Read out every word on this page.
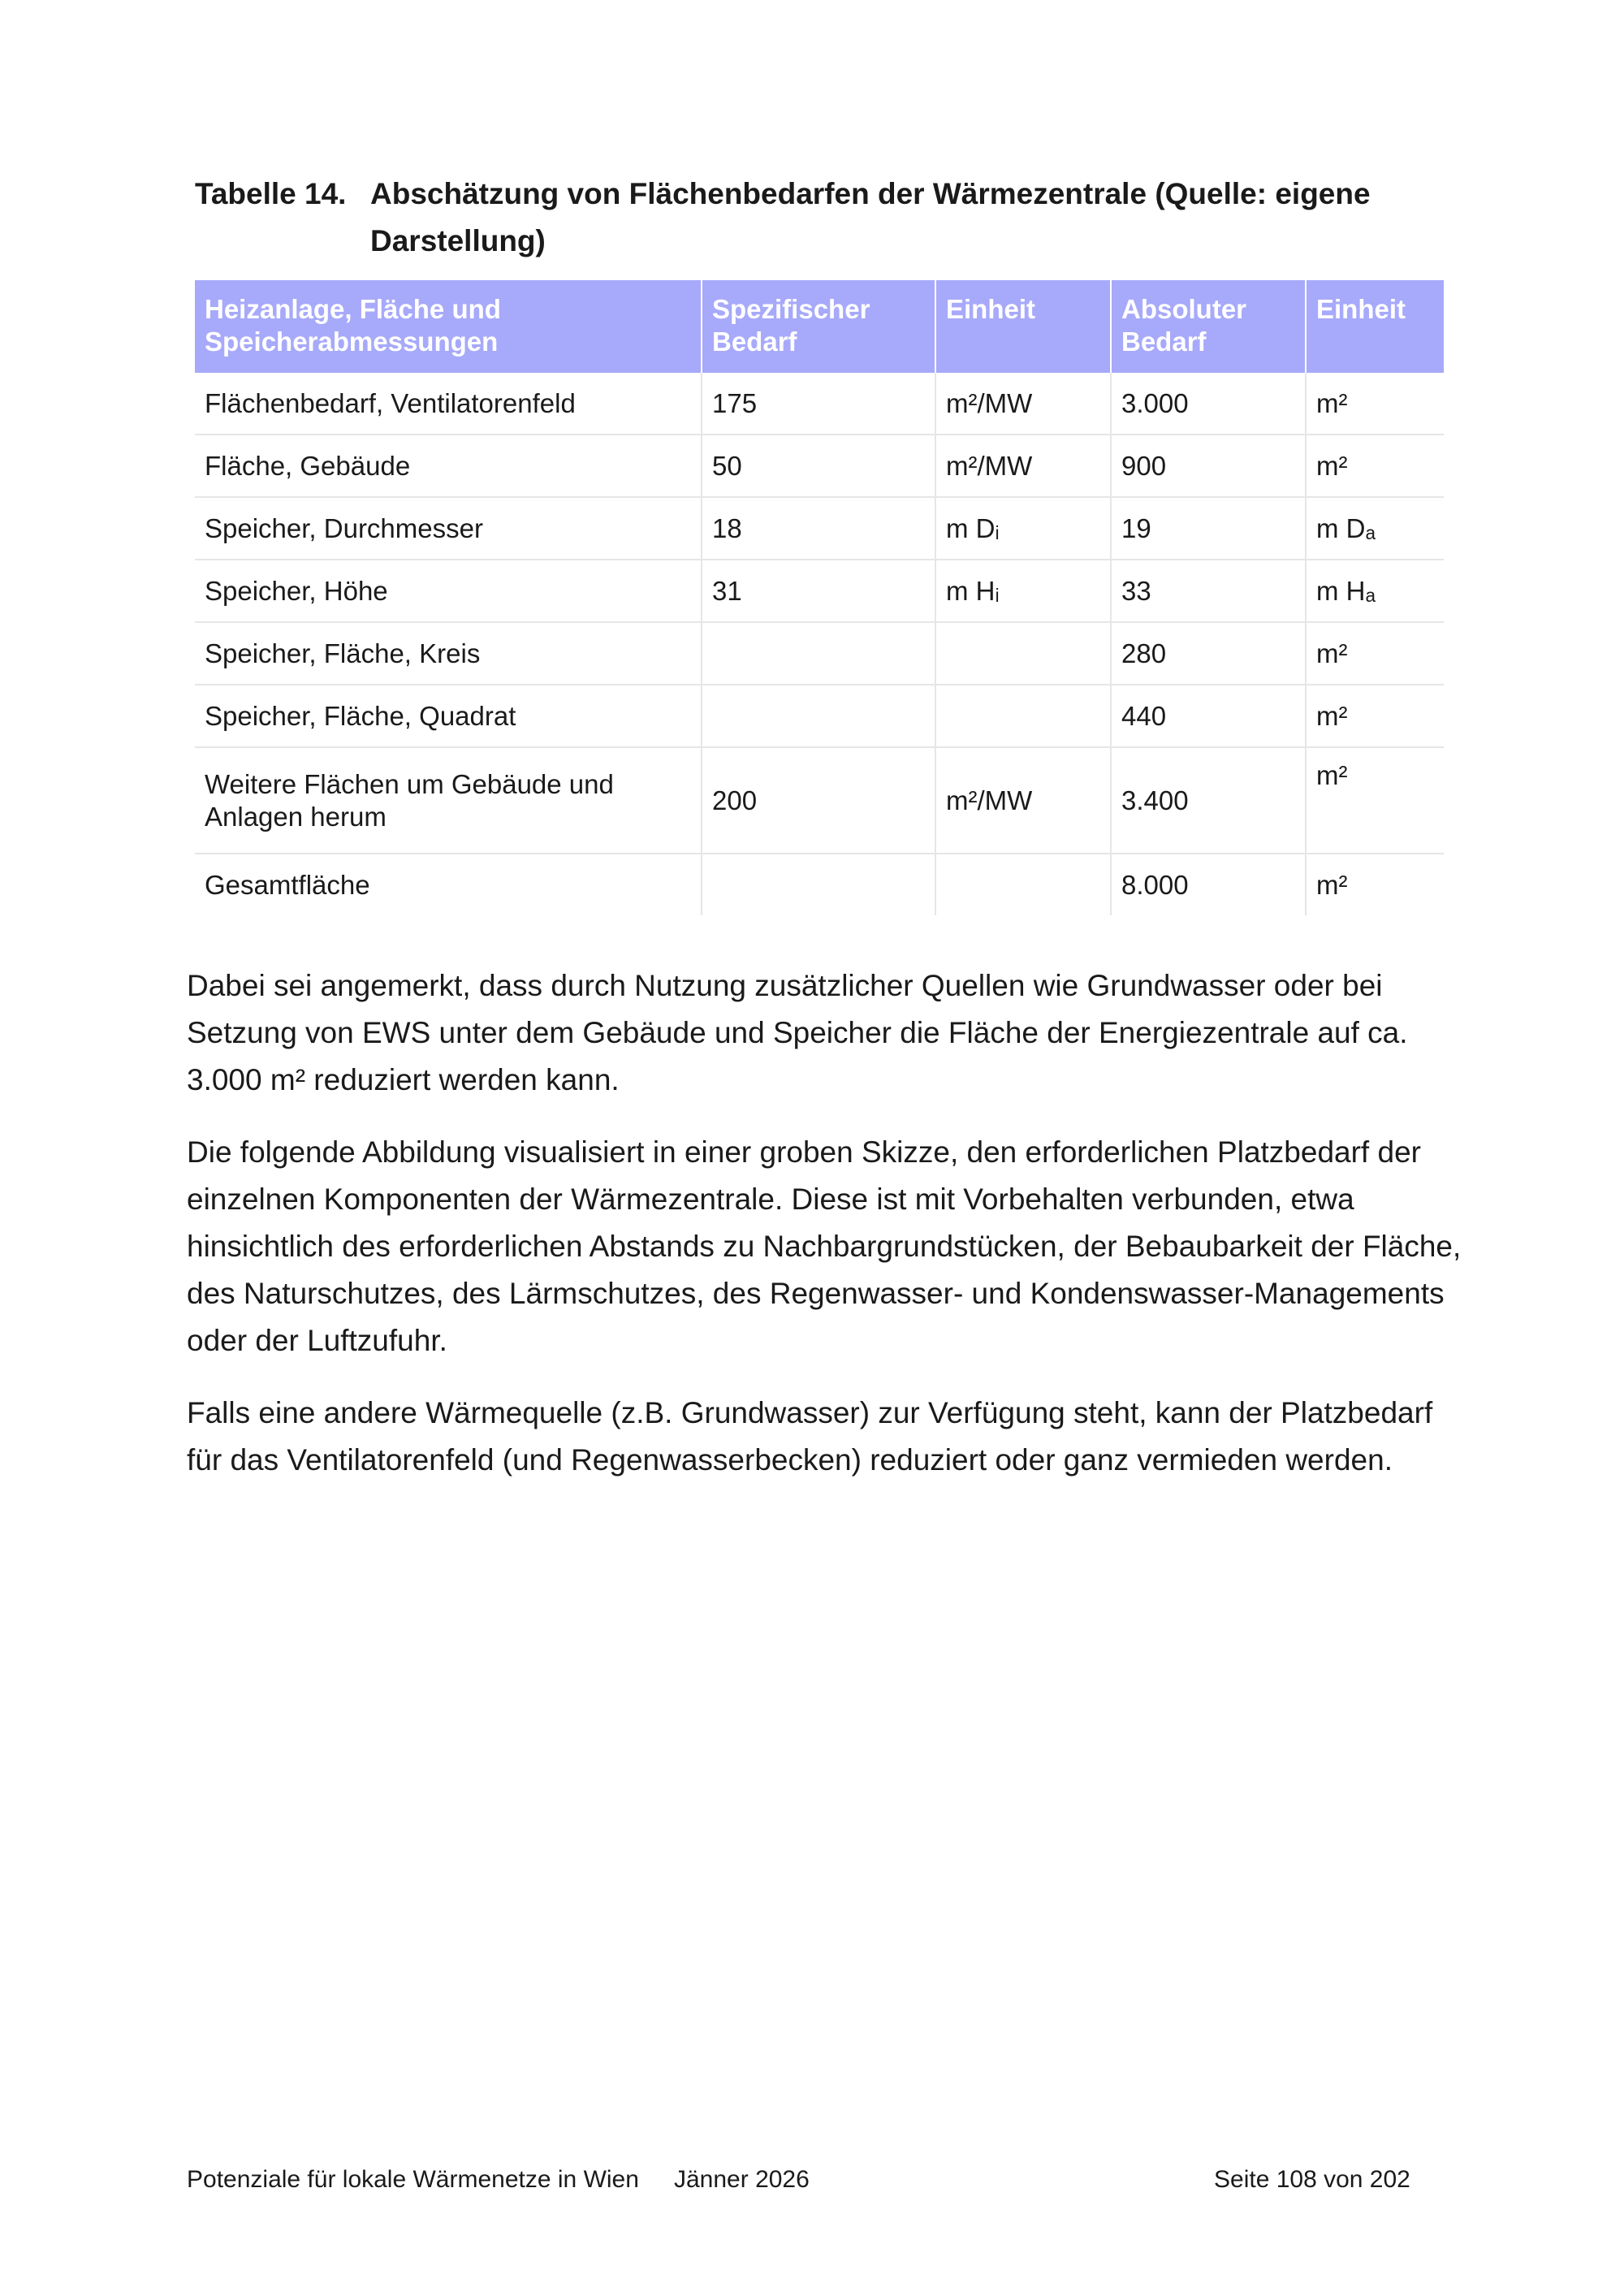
Tabelle 14. Abschätzung von Flächenbedarfen der Wärmezentrale (Quelle: eigene Darstellung)
Heizanlage, Fläche und Speicherabmessungen	Spezifischer Bedarf	Einheit	Absoluter Bedarf	Einheit
Flächenbedarf, Ventilatorenfeld	175	m²/MW	3.000	m²
Fläche, Gebäude	50	m²/MW	900	m²
Speicher, Durchmesser	18	m Dᵢ	19	m Dₐ
Speicher, Höhe	31	m Hᵢ	33	m Hₐ
Speicher, Fläche, Kreis			280	m²
Speicher, Fläche, Quadrat			440	m²
Weitere Flächen um Gebäude und Anlagen herum	200	m²/MW	3.400	m²
Gesamtfläche			8.000	m²

Dabei sei angemerkt, dass durch Nutzung zusätzlicher Quellen wie Grundwasser oder bei Setzung von EWS unter dem Gebäude und Speicher die Fläche der Energiezentrale auf ca. 3.000 m² reduziert werden kann.

Die folgende Abbildung visualisiert in einer groben Skizze, den erforderlichen Platzbedarf der einzelnen Komponenten der Wärmezentrale. Diese ist mit Vorbehalten verbunden, etwa hinsichtlich des erforderlichen Abstands zu Nachbargrundstücken, der Bebaubarkeit der Fläche, des Naturschutzes, des Lärmschutzes, des Regenwasser- und Kondenswasser-Managements oder der Luftzufuhr.

Falls eine andere Wärmequelle (z.B. Grundwasser) zur Verfügung steht, kann der Platzbedarf für das Ventilatorenfeld (und Regenwasserbecken) reduziert oder ganz vermieden werden.

Potenziale für lokale Wärmenetze in Wien Jänner 2026	Seite 108 von 202
